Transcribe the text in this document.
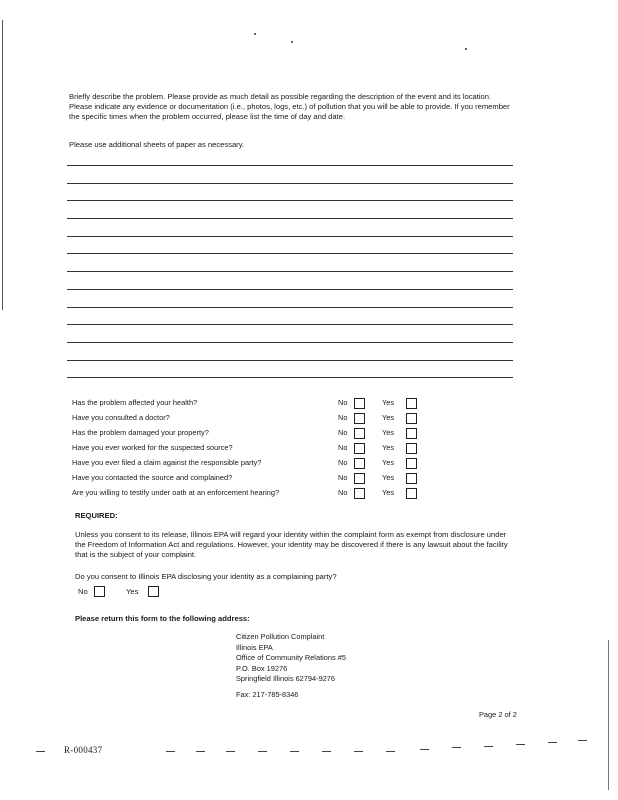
Briefly describe the problem. Please provide as much detail as possible regarding the description of the event and its location. Please indicate any evidence or documentation (i.e., photos, logs, etc.) of pollution that you will be able to provide. If you remember the specific times when the problem occurred, please list the time of day and date.

Please use additional sheets of paper as necessary.

Has the problem affected your health?	No	Yes
Have you consulted a doctor?	No	Yes
Has the problem damaged your property?	No	Yes
Have you ever worked for the suspected source?	No	Yes
Have you ever filed a claim against the responsible party?	No	Yes
Have you contacted the source and complained?	No	Yes
Are you willing to testify under oath at an enforcement hearing?	No	Yes

REQUIRED:

Unless you consent to its release, Illinois EPA will regard your identity within the complaint form as exempt from disclosure under the Freedom of Information Act and regulations. However, your identity may be discovered if there is any lawsuit about the facility that is the subject of your complaint.

Do you consent to Illinois EPA disclosing your identity as a complaining party?

No	Yes

Please return this form to the following address:

Citizen Pollution Complaint
Illinois EPA
Office of Community Relations #5
P.O. Box 19276
Springfield Illinois 62794-9276
Fax: 217-785-8346
Page 2 of 2
R-000437
